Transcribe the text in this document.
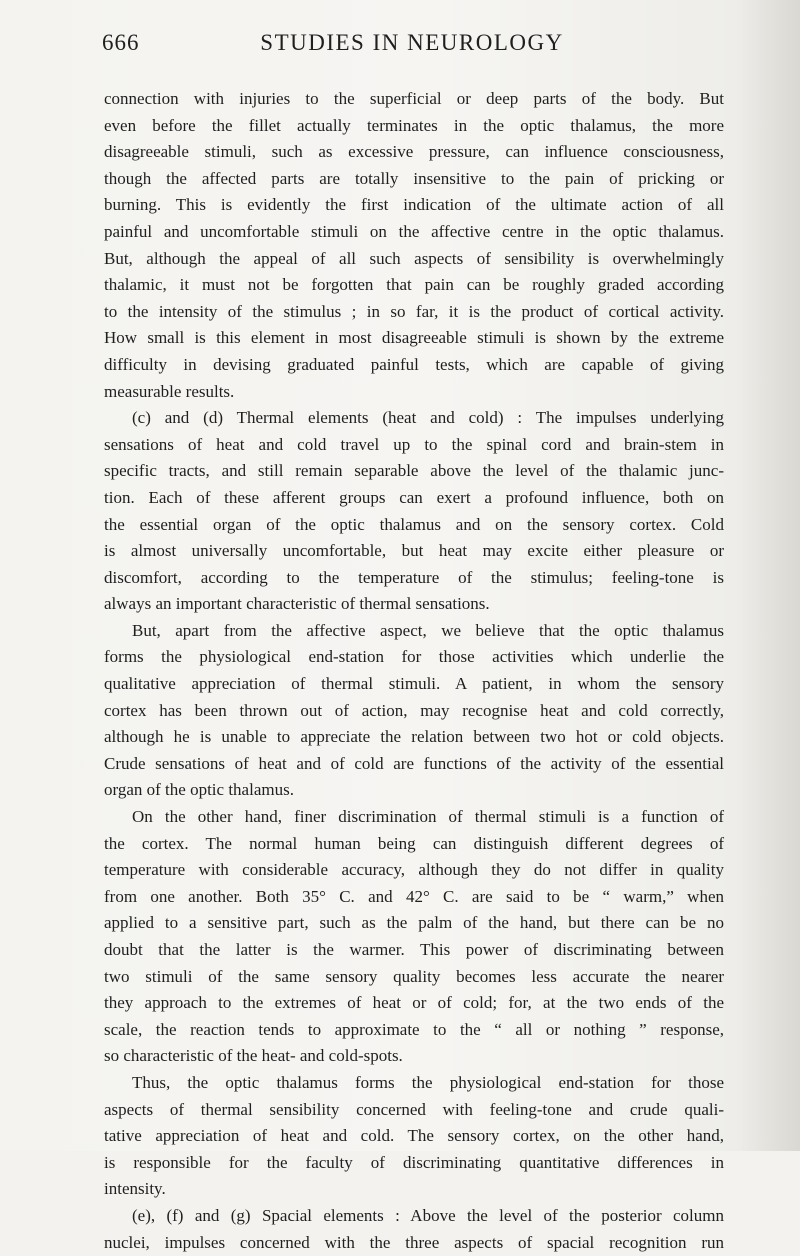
666	STUDIES IN NEUROLOGY
connection with injuries to the superficial or deep parts of the body. But
even before the fillet actually terminates in the optic thalamus, the more
disagreeable stimuli, such as excessive pressure, can influence consciousness,
though the affected parts are totally insensitive to the pain of pricking or
burning. This is evidently the first indication of the ultimate action of all
painful and uncomfortable stimuli on the affective centre in the optic thalamus.
But, although the appeal of all such aspects of sensibility is overwhelmingly
thalamic, it must not be forgotten that pain can be roughly graded according
to the intensity of the stimulus ; in so far, it is the product of cortical activity.
How small is this element in most disagreeable stimuli is shown by the extreme
difficulty in devising graduated painful tests, which are capable of giving
measurable results.
(c) and (d) Thermal elements (heat and cold) : The impulses underlying
sensations of heat and cold travel up to the spinal cord and brain-stem in
specific tracts, and still remain separable above the level of the thalamic junc-
tion. Each of these afferent groups can exert a profound influence, both on
the essential organ of the optic thalamus and on the sensory cortex. Cold
is almost universally uncomfortable, but heat may excite either pleasure or
discomfort, according to the temperature of the stimulus; feeling-tone is
always an important characteristic of thermal sensations.
But, apart from the affective aspect, we believe that the optic thalamus
forms the physiological end-station for those activities which underlie the
qualitative appreciation of thermal stimuli. A patient, in whom the sensory
cortex has been thrown out of action, may recognise heat and cold correctly,
although he is unable to appreciate the relation between two hot or cold objects.
Crude sensations of heat and of cold are functions of the activity of the essential
organ of the optic thalamus.
On the other hand, finer discrimination of thermal stimuli is a function of
the cortex. The normal human being can distinguish different degrees of
temperature with considerable accuracy, although they do not differ in quality
from one another. Both 35° C. and 42° C. are said to be “ warm,” when
applied to a sensitive part, such as the palm of the hand, but there can be no
doubt that the latter is the warmer. This power of discriminating between
two stimuli of the same sensory quality becomes less accurate the nearer
they approach to the extremes of heat or of cold; for, at the two ends of the
scale, the reaction tends to approximate to the “ all or nothing ” response,
so characteristic of the heat- and cold-spots.
Thus, the optic thalamus forms the physiological end-station for those
aspects of thermal sensibility concerned with feeling-tone and crude quali-
tative appreciation of heat and cold. The sensory cortex, on the other hand,
is responsible for the faculty of discriminating quantitative differences in
intensity.
(e), (f) and (g) Spacial elements : Above the level of the posterior column
nuclei, impulses concerned with the three aspects of spacial recognition run
